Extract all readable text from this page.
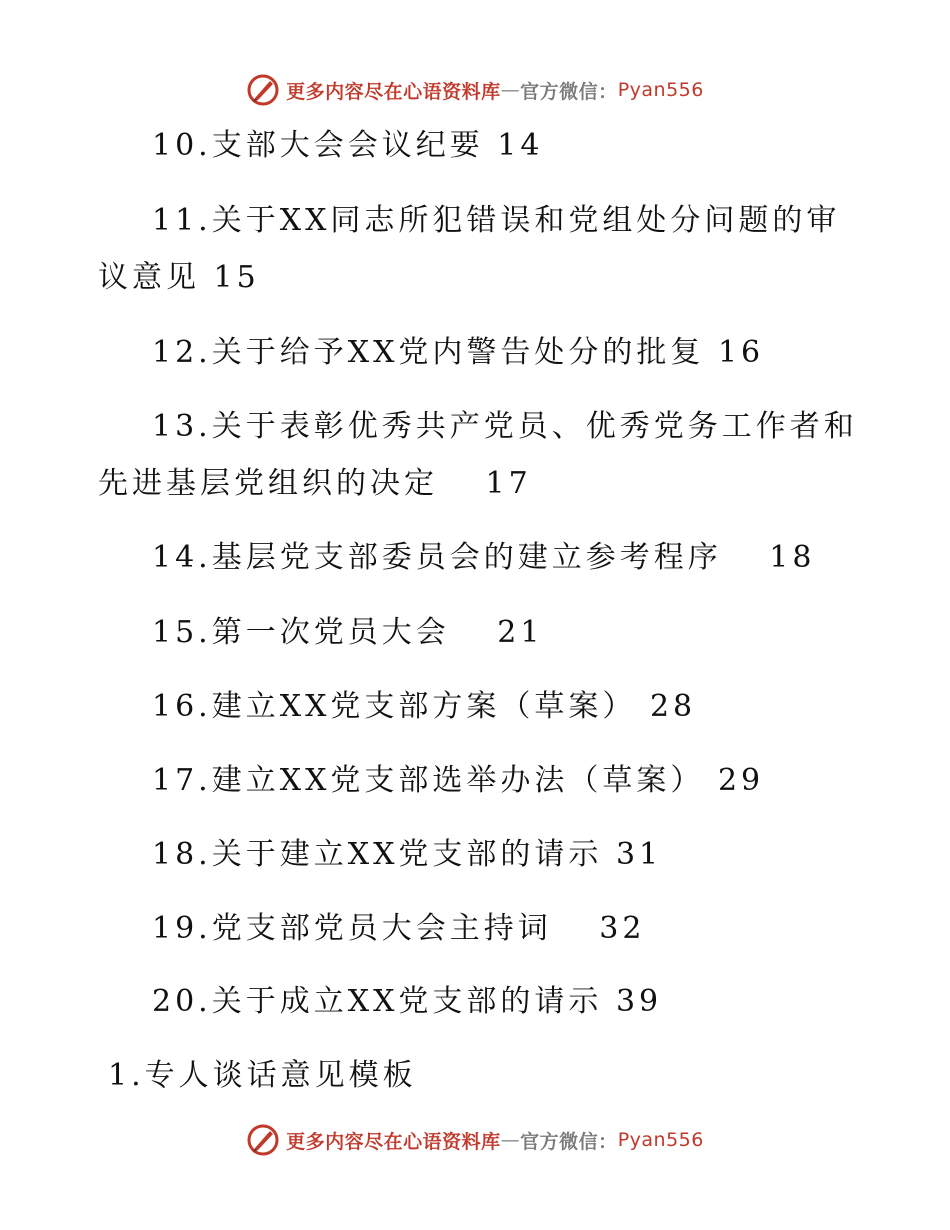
更多内容尽在心语资料库 — 官方微信： Pyan556
10.支部大会会议纪要 14
11.关于XX同志所犯错误和党组处分问题的审
议意见 15
12.关于给予XX党内警告处分的批复 16
13.关于表彰优秀共产党员、优秀党务工作者和
先进基层党组织的决定　 17
14.基层党支部委员会的建立参考程序　 18
15.第一次党员大会　 21
16.建立XX党支部方案（草案） 28
17.建立XX党支部选举办法（草案） 29
18.关于建立XX党支部的请示 31
19.党支部党员大会主持词　 32
20.关于成立XX党支部的请示 39
1.专人谈话意见模板
更多内容尽在心语资料库 — 官方微信： Pyan556
